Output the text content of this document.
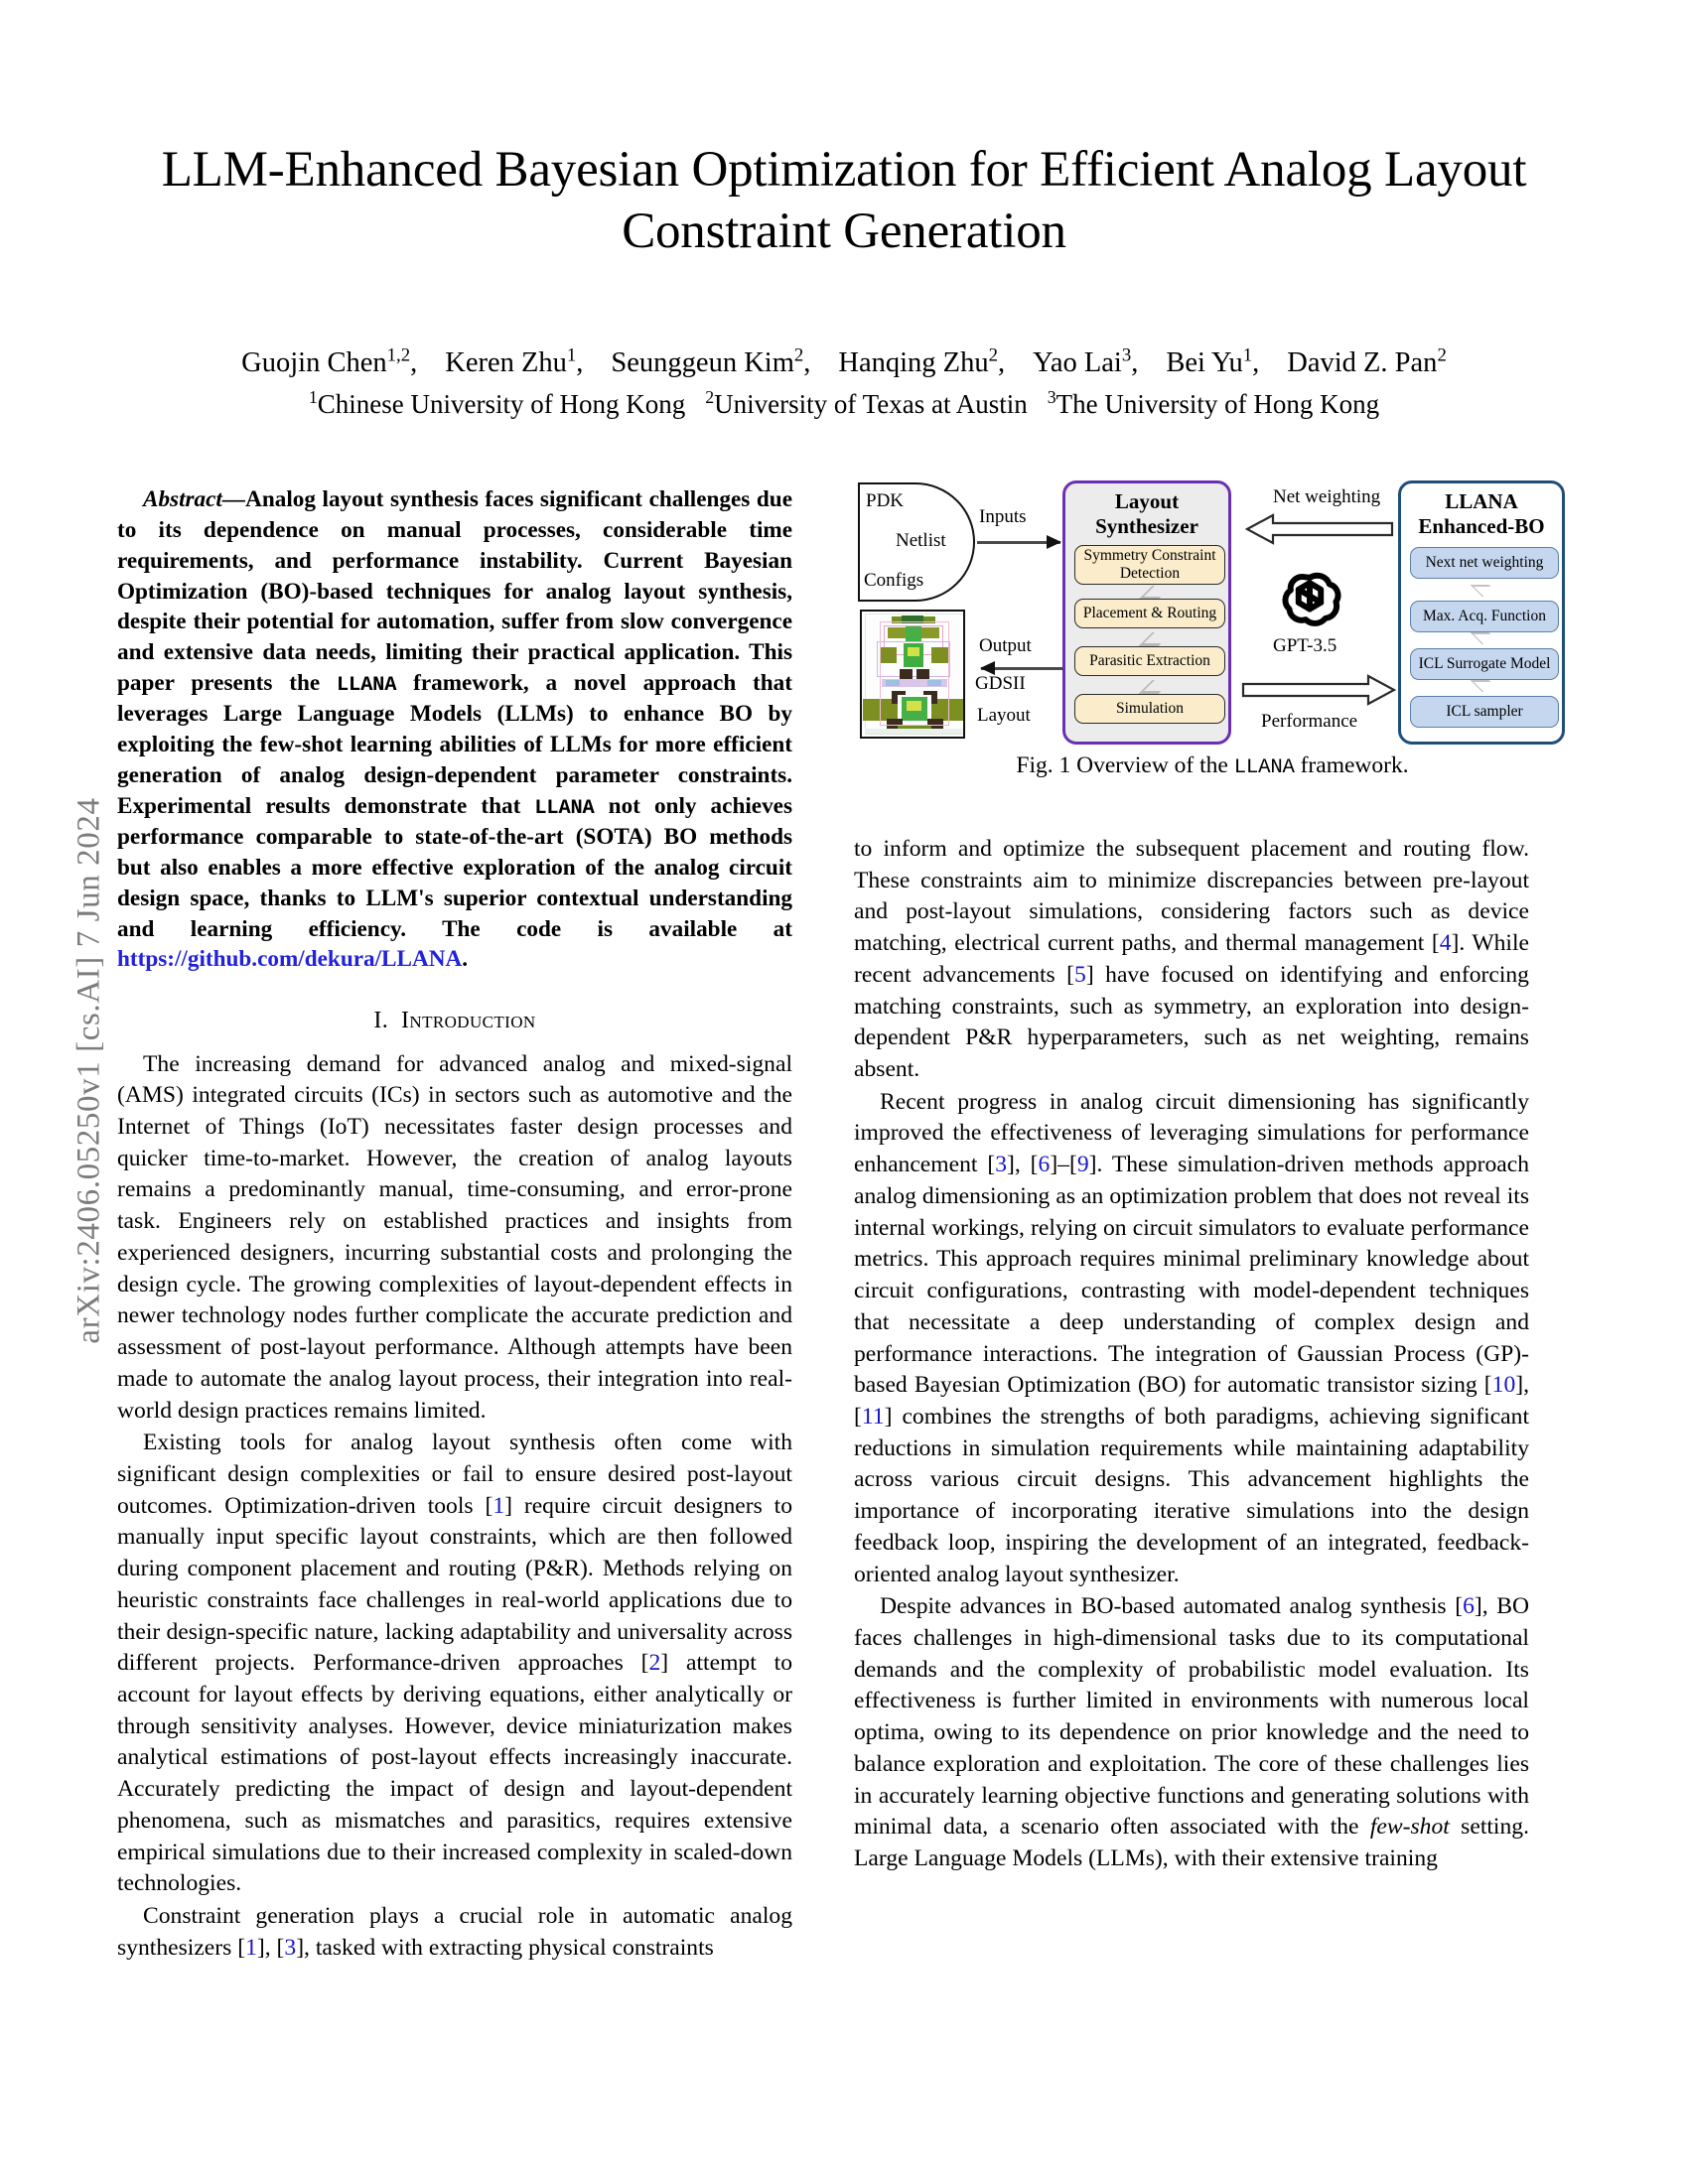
arXiv:2406.05250v1 [cs.AI] 7 Jun 2024
LLM-Enhanced Bayesian Optimization for Efficient Analog Layout Constraint Generation
Guojin Chen$^{1,2}$, Keren Zhu$^1$, Seunggeun Kim$^2$, Hanqing Zhu$^2$, Yao Lai$^3$, Bei Yu$^1$, David Z. Pan$^2$
$^1$Chinese University of Hong Kong $^2$University of Texas at Austin $^3$The University of Hong Kong
Abstract—Analog layout synthesis faces significant challenges due to its dependence on manual processes, considerable time requirements, and performance instability. Current Bayesian Optimization (BO)-based techniques for analog layout synthesis, despite their potential for automation, suffer from slow convergence and extensive data needs, limiting their practical application. This paper presents the LLANA framework, a novel approach that leverages Large Language Models (LLMs) to enhance BO by exploiting the few-shot learning abilities of LLMs for more efficient generation of analog design-dependent parameter constraints. Experimental results demonstrate that LLANA not only achieves performance comparable to state-of-the-art (SOTA) BO methods but also enables a more effective exploration of the analog circuit design space, thanks to LLM's superior contextual understanding and learning efficiency. The code is available at https://github.com/dekura/LLANA.
I. Introduction

The increasing demand for advanced analog and mixed-signal (AMS) integrated circuits (ICs) in sectors such as automotive and the Internet of Things (IoT) necessitates faster design processes and quicker time-to-market. However, the creation of analog layouts remains a predominantly manual, time-consuming, and error-prone task. Engineers rely on established practices and insights from experienced designers, incurring substantial costs and prolonging the design cycle. The growing complexities of layout-dependent effects in newer technology nodes further complicate the accurate prediction and assessment of post-layout performance. Although attempts have been made to automate the analog layout process, their integration into real-world design practices remains limited.

Existing tools for analog layout synthesis often come with significant design complexities or fail to ensure desired post-layout outcomes. Optimization-driven tools [1] require circuit designers to manually input specific layout constraints, which are then followed during component placement and routing (P&R). Methods relying on heuristic constraints face challenges in real-world applications due to their design-specific nature, lacking adaptability and universality across different projects. Performance-driven approaches [2] attempt to account for layout effects by deriving equations, either analytically or through sensitivity analyses. However, device miniaturization makes analytical estimations of post-layout effects increasingly inaccurate. Accurately predicting the impact of design and layout-dependent phenomena, such as mismatches and parasitics, requires extensive empirical simulations due to their increased complexity in scaled-down technologies.

Constraint generation plays a crucial role in automatic analog synthesizers [1], [3], tasked with extracting physical constraints

PDK
Netlist
Configs
Inputs
Output
GDSII
Layout
Layout
Synthesizer
Symmetry Constraint Detection
Placement & Routing
Parasitic Extraction
Simulation
Net weighting
Performance
GPT-3.5
LLANA
Enhanced-BO
Next net weighting
Max. Acq. Function
ICL Surrogate Model
ICL sampler
Fig. 1 Overview of the LLANA framework.

to inform and optimize the subsequent placement and routing flow. These constraints aim to minimize discrepancies between pre-layout and post-layout simulations, considering factors such as device matching, electrical current paths, and thermal management [4]. While recent advancements [5] have focused on identifying and enforcing matching constraints, such as symmetry, an exploration into design-dependent P&R hyperparameters, such as net weighting, remains absent.

Recent progress in analog circuit dimensioning has significantly improved the effectiveness of leveraging simulations for performance enhancement [3], [6]–[9]. These simulation-driven methods approach analog dimensioning as an optimization problem that does not reveal its internal workings, relying on circuit simulators to evaluate performance metrics. This approach requires minimal preliminary knowledge about circuit configurations, contrasting with model-dependent techniques that necessitate a deep understanding of complex design and performance interactions. The integration of Gaussian Process (GP)-based Bayesian Optimization (BO) for automatic transistor sizing [10], [11] combines the strengths of both paradigms, achieving significant reductions in simulation requirements while maintaining adaptability across various circuit designs. This advancement highlights the importance of incorporating iterative simulations into the design feedback loop, inspiring the development of an integrated, feedback-oriented analog layout synthesizer.

Despite advances in BO-based automated analog synthesis [6], BO faces challenges in high-dimensional tasks due to its computational demands and the complexity of probabilistic model evaluation. Its effectiveness is further limited in environments with numerous local optima, owing to its dependence on prior knowledge and the need to balance exploration and exploitation. The core of these challenges lies in accurately learning objective functions and generating solutions with minimal data, a scenario often associated with the few-shot setting. Large Language Models (LLMs), with their extensive training
